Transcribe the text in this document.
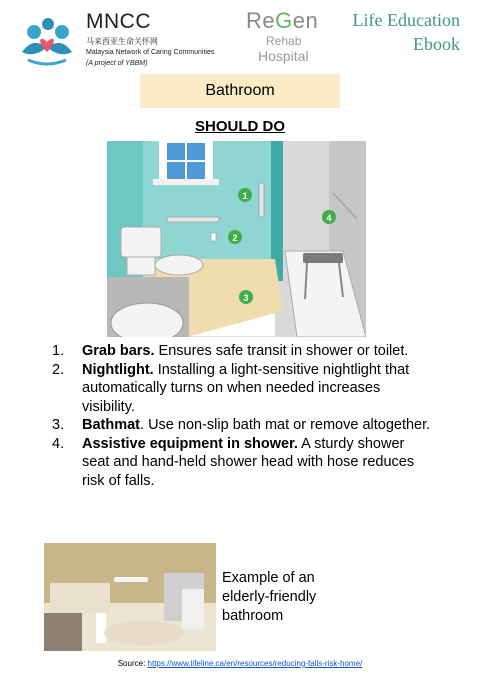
MNCC
马来西亚生命关怀网
Malaysia Network of Caring Communities
(A project of YBBM)
ReGen
Rehab
Hospital
Life Education
Ebook
Bathroom
SHOULD DO
1
2
3
4
1.	Grab bars. Ensures safe transit in shower or toilet.
2.	Nightlight. Installing a light-sensitive nightlight that automatically turns on when needed increases visibility.
3.	Bathmat. Use non-slip bath mat or remove altogether.
4.	Assistive equipment in shower. A sturdy shower seat and hand-held shower head with hose reduces risk of falls.
Example of an
elderly-friendly
bathroom
Source: https://www.lifeline.ca/en/resources/reducing-falls-risk-home/
